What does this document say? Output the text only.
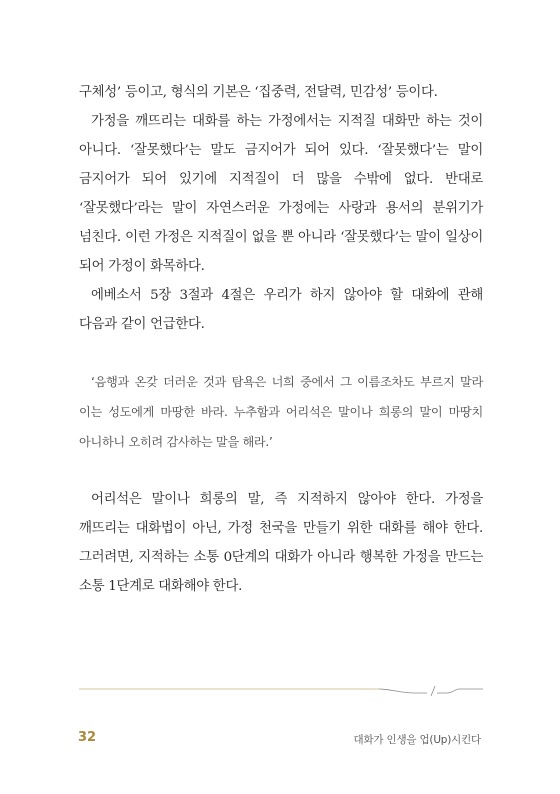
구체성’ 등이고, 형식의 기본은 ‘집중력, 전달력, 민감성’ 등이다.

가정을 깨뜨리는 대화를 하는 가정에서는 지적질 대화만 하는 것이 아니다. ‘잘못했다’는 말도 금지어가 되어 있다. ‘잘못했다’는 말이 금지어가 되어 있기에 지적질이 더 많을 수밖에 없다. 반대로 ‘잘못했다’라는 말이 자연스러운 가정에는 사랑과 용서의 분위기가 넘친다. 이런 가정은 지적질이 없을 뿐 아니라 ‘잘못했다’는 말이 일상이 되어 가정이 화목하다.

에베소서 5장 3절과 4절은 우리가 하지 않아야 할 대화에 관해 다음과 같이 언급한다.

‘음행과 온갖 더러운 것과 탐욕은 너희 중에서 그 이름조차도 부르지 말라 이는 성도에게 마땅한 바라. 누추함과 어리석은 말이나 희롱의 말이 마땅치 아니하니 오히려 감사하는 말을 해라.’

어리석은 말이나 희롱의 말, 즉 지적하지 않아야 한다. 가정을 깨뜨리는 대화법이 아닌, 가정 천국을 만들기 위한 대화를 해야 한다. 그러려면, 지적하는 소통 0단계의 대화가 아니라 행복한 가정을 만드는 소통 1단계로 대화해야 한다.

32	대화가 인생을 업(Up)시킨다
